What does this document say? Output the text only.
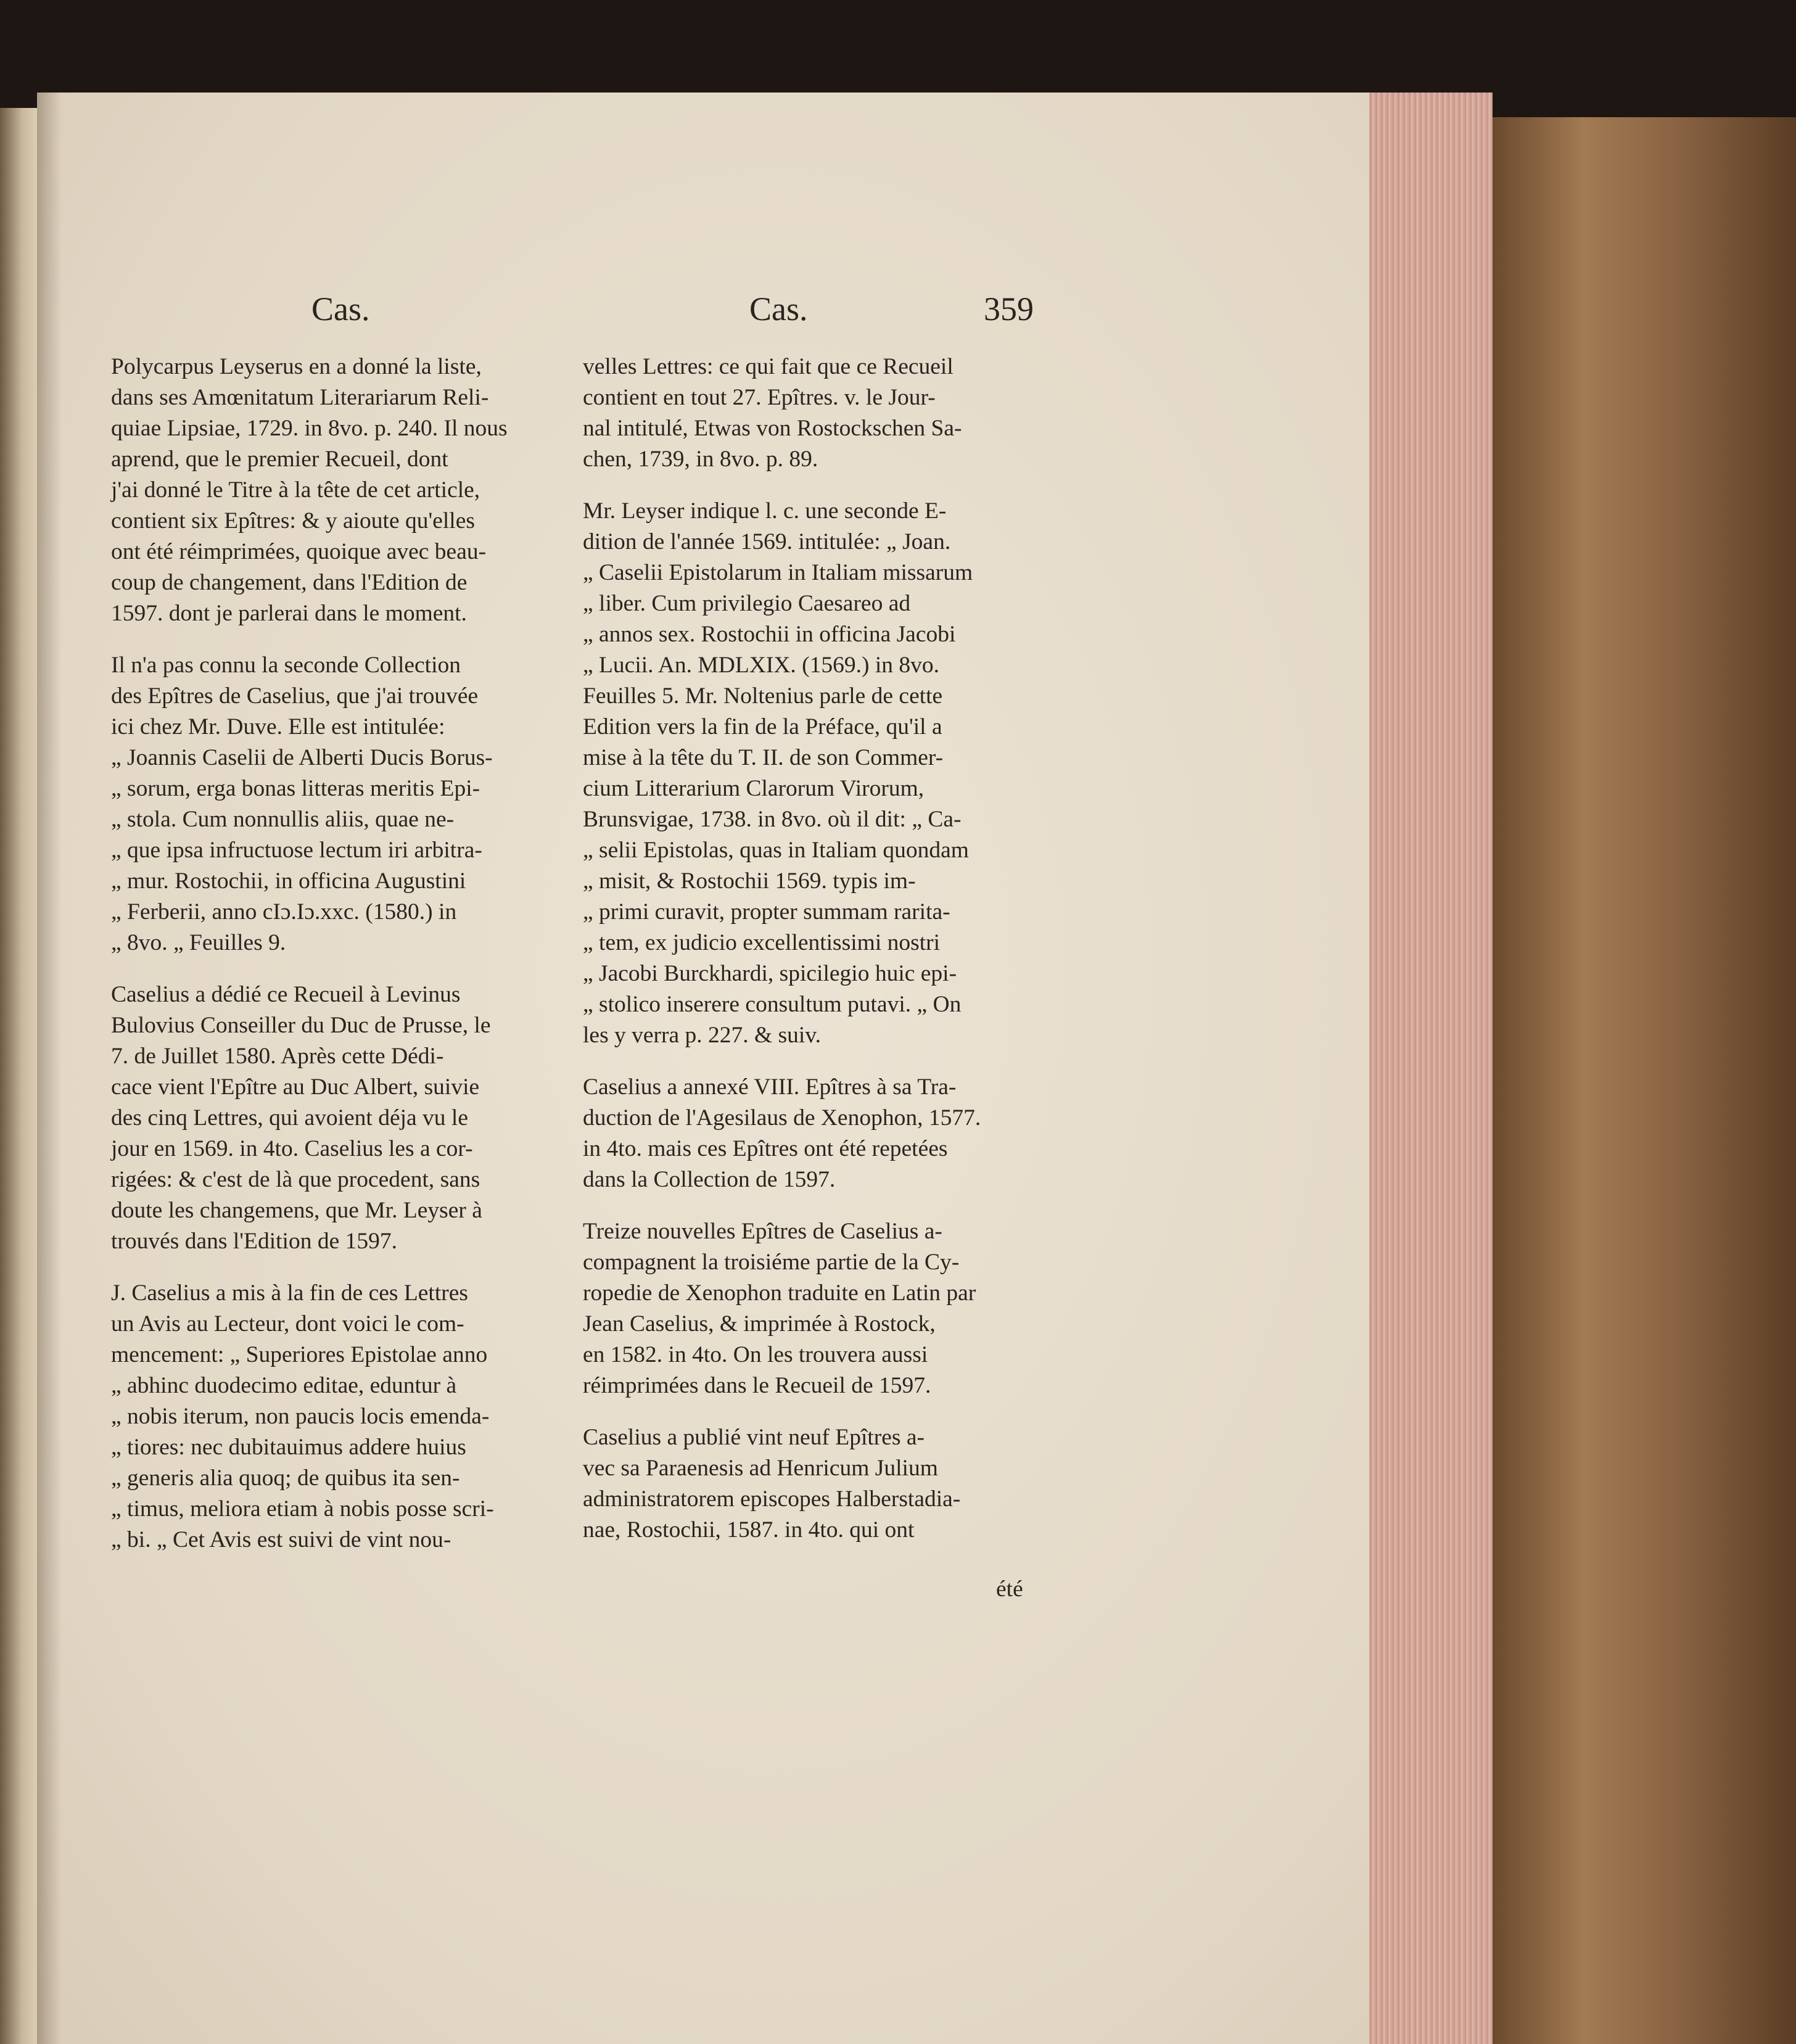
Cas.	Cas.	359

Polycarpus Leyserus en a donné la liste,
dans ses Amœnitatum Literariarum Reli-
quiae Lipsiae, 1729. in 8vo. p. 240. Il nous
aprend, que le premier Recueil, dont
j'ai donné le Titre à la tête de cet article,
contient six Epîtres: & y aioute qu'elles
ont été réimprimées, quoique avec beau-
coup de changement, dans l'Edition de
1597. dont je parlerai dans le moment.

Il n'a pas connu la seconde Collection
des Epîtres de Caselius, que j'ai trouvée
ici chez Mr. Duve. Elle est intitulée:
„ Joannis Caselii de Alberti Ducis Borus-
„ sorum, erga bonas litteras meritis Epi-
„ stola. Cum nonnullis aliis, quae ne-
„ que ipsa infructuose lectum iri arbitra-
„ mur. Rostochii, in officina Augustini
„ Ferberii, anno cIɔ.Iɔ.xxc. (1580.) in
„ 8vo. „ Feuilles 9.

Caselius a dédié ce Recueil à Levinus
Bulovius Conseiller du Duc de Prusse, le
7. de Juillet 1580. Après cette Dédi-
cace vient l'Epître au Duc Albert, suivie
des cinq Lettres, qui avoient déja vu le
jour en 1569. in 4to. Caselius les a cor-
rigées: & c'est de là que procedent, sans
doute les changemens, que Mr. Leyser à
trouvés dans l'Edition de 1597.

J. Caselius a mis à la fin de ces Lettres
un Avis au Lecteur, dont voici le com-
mencement: „ Superiores Epistolae anno
„ abhinc duodecimo editae, eduntur à
„ nobis iterum, non paucis locis emenda-
„ tiores: nec dubitauimus addere huius
„ generis alia quoq; de quibus ita sen-
„ timus, meliora etiam à nobis posse scri-
„ bi. „ Cet Avis est suivi de vint nou-

velles Lettres: ce qui fait que ce Recueil
contient en tout 27. Epîtres. v. le Jour-
nal intitulé, Etwas von Rostockschen Sa-
chen, 1739, in 8vo. p. 89.

Mr. Leyser indique l. c. une seconde E-
dition de l'année 1569. intitulée: „ Joan.
„ Caselii Epistolarum in Italiam missarum
„ liber. Cum privilegio Caesareo ad
„ annos sex. Rostochii in officina Jacobi
„ Lucii. An. MDLXIX. (1569.) in 8vo.
Feuilles 5. Mr. Noltenius parle de cette
Edition vers la fin de la Préface, qu'il a
mise à la tête du T. II. de son Commer-
cium Litterarium Clarorum Virorum,
Brunsvigae, 1738. in 8vo. où il dit: „ Ca-
„ selii Epistolas, quas in Italiam quondam
„ misit, & Rostochii 1569. typis im-
„ primi curavit, propter summam rarita-
„ tem, ex judicio excellentissimi nostri
„ Jacobi Burckhardi, spicilegio huic epi-
„ stolico inserere consultum putavi. „ On
les y verra p. 227. & suiv.

Caselius a annexé VIII. Epîtres à sa Tra-
duction de l'Agesilaus de Xenophon, 1577.
in 4to. mais ces Epîtres ont été repetées
dans la Collection de 1597.

Treize nouvelles Epîtres de Caselius a-
compagnent la troisiéme partie de la Cy-
ropedie de Xenophon traduite en Latin par
Jean Caselius, & imprimée à Rostock,
en 1582. in 4to. On les trouvera aussi
réimprimées dans le Recueil de 1597.

Caselius a publié vint neuf Epîtres a-
vec sa Paraenesis ad Henricum Julium
administratorem episcopes Halberstadia-
nae, Rostochii, 1587. in 4to. qui ont

été
